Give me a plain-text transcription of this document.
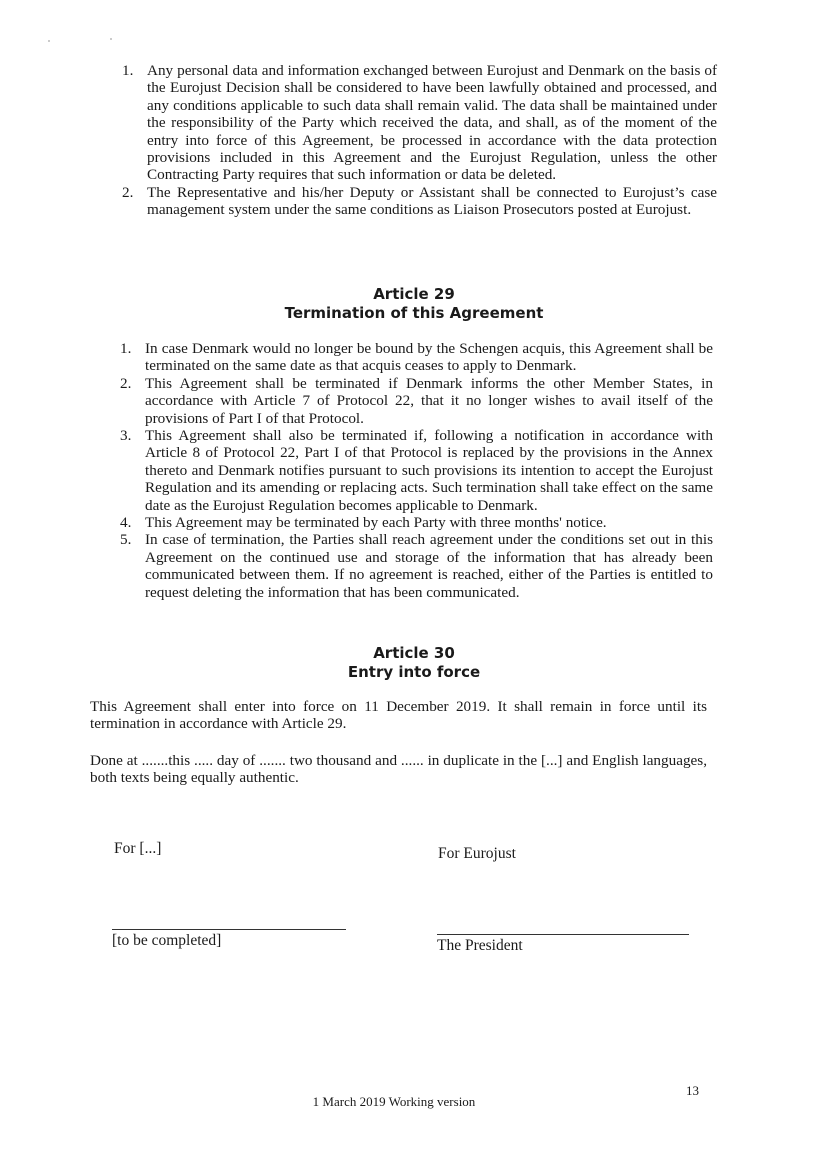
1. Any personal data and information exchanged between Eurojust and Denmark on the basis of the Eurojust Decision shall be considered to have been lawfully obtained and processed, and any conditions applicable to such data shall remain valid. The data shall be maintained under the responsibility of the Party which received the data, and shall, as of the moment of the entry into force of this Agreement, be processed in accordance with the data protection provisions included in this Agreement and the Eurojust Regulation, unless the other Contracting Party requires that such information or data be deleted.
2. The Representative and his/her Deputy or Assistant shall be connected to Eurojust’s case management system under the same conditions as Liaison Prosecutors posted at Eurojust.
Article 29
Termination of this Agreement
1. In case Denmark would no longer be bound by the Schengen acquis, this Agreement shall be terminated on the same date as that acquis ceases to apply to Denmark.
2. This Agreement shall be terminated if Denmark informs the other Member States, in accordance with Article 7 of Protocol 22, that it no longer wishes to avail itself of the provisions of Part I of that Protocol.
3. This Agreement shall also be terminated if, following a notification in accordance with Article 8 of Protocol 22, Part I of that Protocol is replaced by the provisions in the Annex thereto and Denmark notifies pursuant to such provisions its intention to accept the Eurojust Regulation and its amending or replacing acts. Such termination shall take effect on the same date as the Eurojust Regulation becomes applicable to Denmark.
4. This Agreement may be terminated by each Party with three months' notice.
5. In case of termination, the Parties shall reach agreement under the conditions set out in this Agreement on the continued use and storage of the information that has already been communicated between them. If no agreement is reached, either of the Parties is entitled to request deleting the information that has been communicated.
Article 30
Entry into force
This Agreement shall enter into force on 11 December 2019. It shall remain in force until its termination in accordance with Article 29.
Done at .......this ..... day of ....... two thousand and ...... in duplicate in the [...] and English languages, both texts being equally authentic.
For [...]	For Eurojust
[to be completed]	The President
1 March 2019 Working version
13
